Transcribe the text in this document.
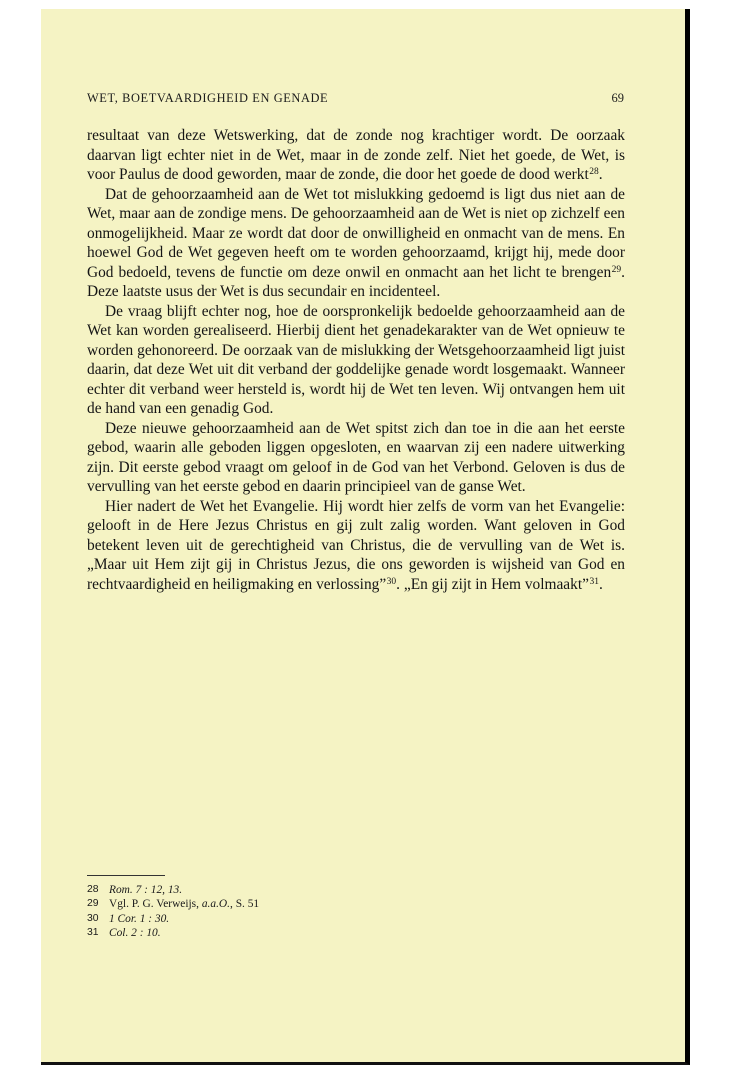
WET, BOETVAARDIGHEID EN GENADE	69

resultaat van deze Wetswerking, dat de zonde nog krachtiger wordt. De oorzaak daarvan ligt echter niet in de Wet, maar in de zonde zelf. Niet het goede, de Wet, is voor Paulus de dood geworden, maar de zonde, die door het goede de dood werkt$^{28}$.

Dat de gehoorzaamheid aan de Wet tot mislukking gedoemd is ligt dus niet aan de Wet, maar aan de zondige mens. De gehoorzaamheid aan de Wet is niet op zichzelf een onmogelijkheid. Maar ze wordt dat door de onwilligheid en onmacht van de mens. En hoewel God de Wet gegeven heeft om te worden gehoorzaamd, krijgt hij, mede door God bedoeld, tevens de functie om deze onwil en onmacht aan het licht te brengen$^{29}$. Deze laatste usus der Wet is dus secundair en incidenteel.

De vraag blijft echter nog, hoe de oorspronkelijk bedoelde gehoorzaamheid aan de Wet kan worden gerealiseerd. Hierbij dient het genadekarakter van de Wet opnieuw te worden gehonoreerd. De oorzaak van de mislukking der Wetsgehoorzaamheid ligt juist daarin, dat deze Wet uit dit verband der goddelijke genade wordt losgemaakt. Wanneer echter dit verband weer hersteld is, wordt hij de Wet ten leven. Wij ontvangen hem uit de hand van een genadig God.

Deze nieuwe gehoorzaamheid aan de Wet spitst zich dan toe in die aan het eerste gebod, waarin alle geboden liggen opgesloten, en waarvan zij een nadere uitwerking zijn. Dit eerste gebod vraagt om geloof in de God van het Verbond. Geloven is dus de vervulling van het eerste gebod en daarin principieel van de ganse Wet.

Hier nadert de Wet het Evangelie. Hij wordt hier zelfs de vorm van het Evangelie: gelooft in de Here Jezus Christus en gij zult zalig worden. Want geloven in God betekent leven uit de gerechtigheid van Christus, die de vervulling van de Wet is. „Maar uit Hem zijt gij in Christus Jezus, die ons geworden is wijsheid van God en rechtvaardigheid en heiligmaking en verlossing”$^{30}$. „En gij zijt in Hem volmaakt”$^{31}$.

28 Rom. 7 : 12, 13.
29 Vgl. P. G. Verweijs, a.a.O., S. 51
30 1 Cor. 1 : 30.
31 Col. 2 : 10.
